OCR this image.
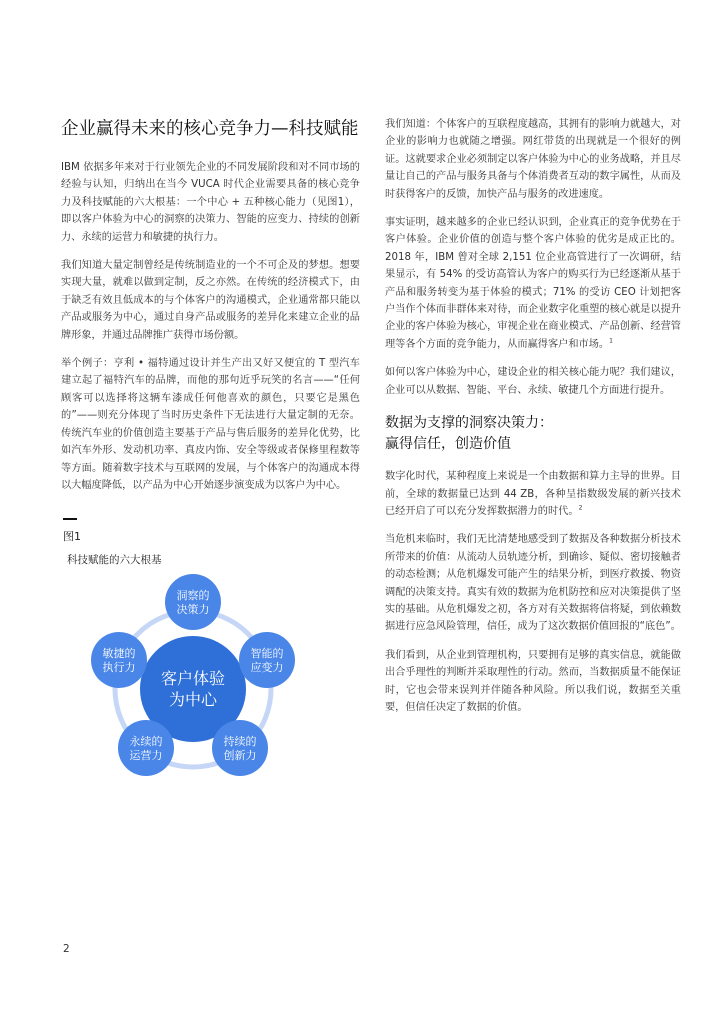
企业赢得未来的核心竞争力—科技赋能

IBM 依据多年来对于行业领先企业的不同发展阶段和对不同市场的经验与认知，归纳出在当今 VUCA 时代企业需要具备的核心竞争力及科技赋能的六大根基：一个中心 + 五种核心能力（见图1），即以客户体验为中心的洞察的决策力、智能的应变力、持续的创新力、永续的运营力和敏捷的执行力。

我们知道大量定制曾经是传统制造业的一个不可企及的梦想。想要实现大量，就难以做到定制，反之亦然。在传统的经济模式下，由于缺乏有效且低成本的与个体客户的沟通模式，企业通常都只能以产品或服务为中心，通过自身产品或服务的差异化来建立企业的品牌形象，并通过品牌推广获得市场份额。

举个例子：亨利 • 福特通过设计并生产出又好又便宜的 T 型汽车建立起了福特汽车的品牌，而他的那句近乎玩笑的名言——“任何顾客可以选择将这辆车漆成任何他喜欢的颜色，只要它是黑色的”——则充分体现了当时历史条件下无法进行大量定制的无奈。传统汽车业的价值创造主要基于产品与售后服务的差异化优势，比如汽车外形、发动机功率、真皮内饰、安全等级或者保修里程数等等方面。随着数字技术与互联网的发展，与个体客户的沟通成本得以大幅度降低，以产品为中心开始逐步演变成为以客户为中心。

图1
科技赋能的六大根基
客户体验
为中心
洞察的
决策力
智能的
应变力
持续的
创新力
永续的
运营力
敏捷的
执行力

我们知道：个体客户的互联程度越高，其拥有的影响力就越大，对企业的影响力也就随之增强。网红带货的出现就是一个很好的例证。这就要求企业必须制定以客户体验为中心的业务战略，并且尽量让自己的产品与服务具备与个体消费者互动的数字属性，从而及时获得客户的反馈，加快产品与服务的改进速度。

事实证明，越来越多的企业已经认识到，企业真正的竞争优势在于客户体验。企业价值的创造与整个客户体验的优劣是成正比的。2018 年，IBM 曾对全球 2,151 位企业高管进行了一次调研，结果显示，有 54% 的受访高管认为客户的购买行为已经逐渐从基于产品和服务转变为基于体验的模式；71% 的受访 CEO 计划把客户当作个体而非群体来对待，而企业数字化重塑的核心就是以提升企业的客户体验为核心，审视企业在商业模式、产品创新、经营管理等各个方面的竞争能力，从而赢得客户和市场。$^1$

如何以客户体验为中心，建设企业的相关核心能力呢？我们建议，企业可以从数据、智能、平台、永续、敏捷几个方面进行提升。

数据为支撑的洞察决策力：
赢得信任，创造价值

数字化时代，某种程度上来说是一个由数据和算力主导的世界。目前，全球的数据量已达到 44 ZB，各种呈指数级发展的新兴技术已经开启了可以充分发挥数据潜力的时代。$^2$

当危机来临时，我们无比清楚地感受到了数据及各种数据分析技术所带来的价值：从流动人员轨迹分析，到确诊、疑似、密切接触者的动态检测；从危机爆发可能产生的结果分析，到医疗救援、物资调配的决策支持。真实有效的数据为危机防控和应对决策提供了坚实的基础。从危机爆发之初，各方对有关数据将信将疑，到依赖数据进行应急风险管理，信任，成为了这次数据价值回报的“底色”。

我们看到，从企业到管理机构，只要拥有足够的真实信息，就能做出合乎理性的判断并采取理性的行动。然而，当数据质量不能保证时，它也会带来误判并伴随各种风险。所以我们说，数据至关重要，但信任决定了数据的价值。

2
